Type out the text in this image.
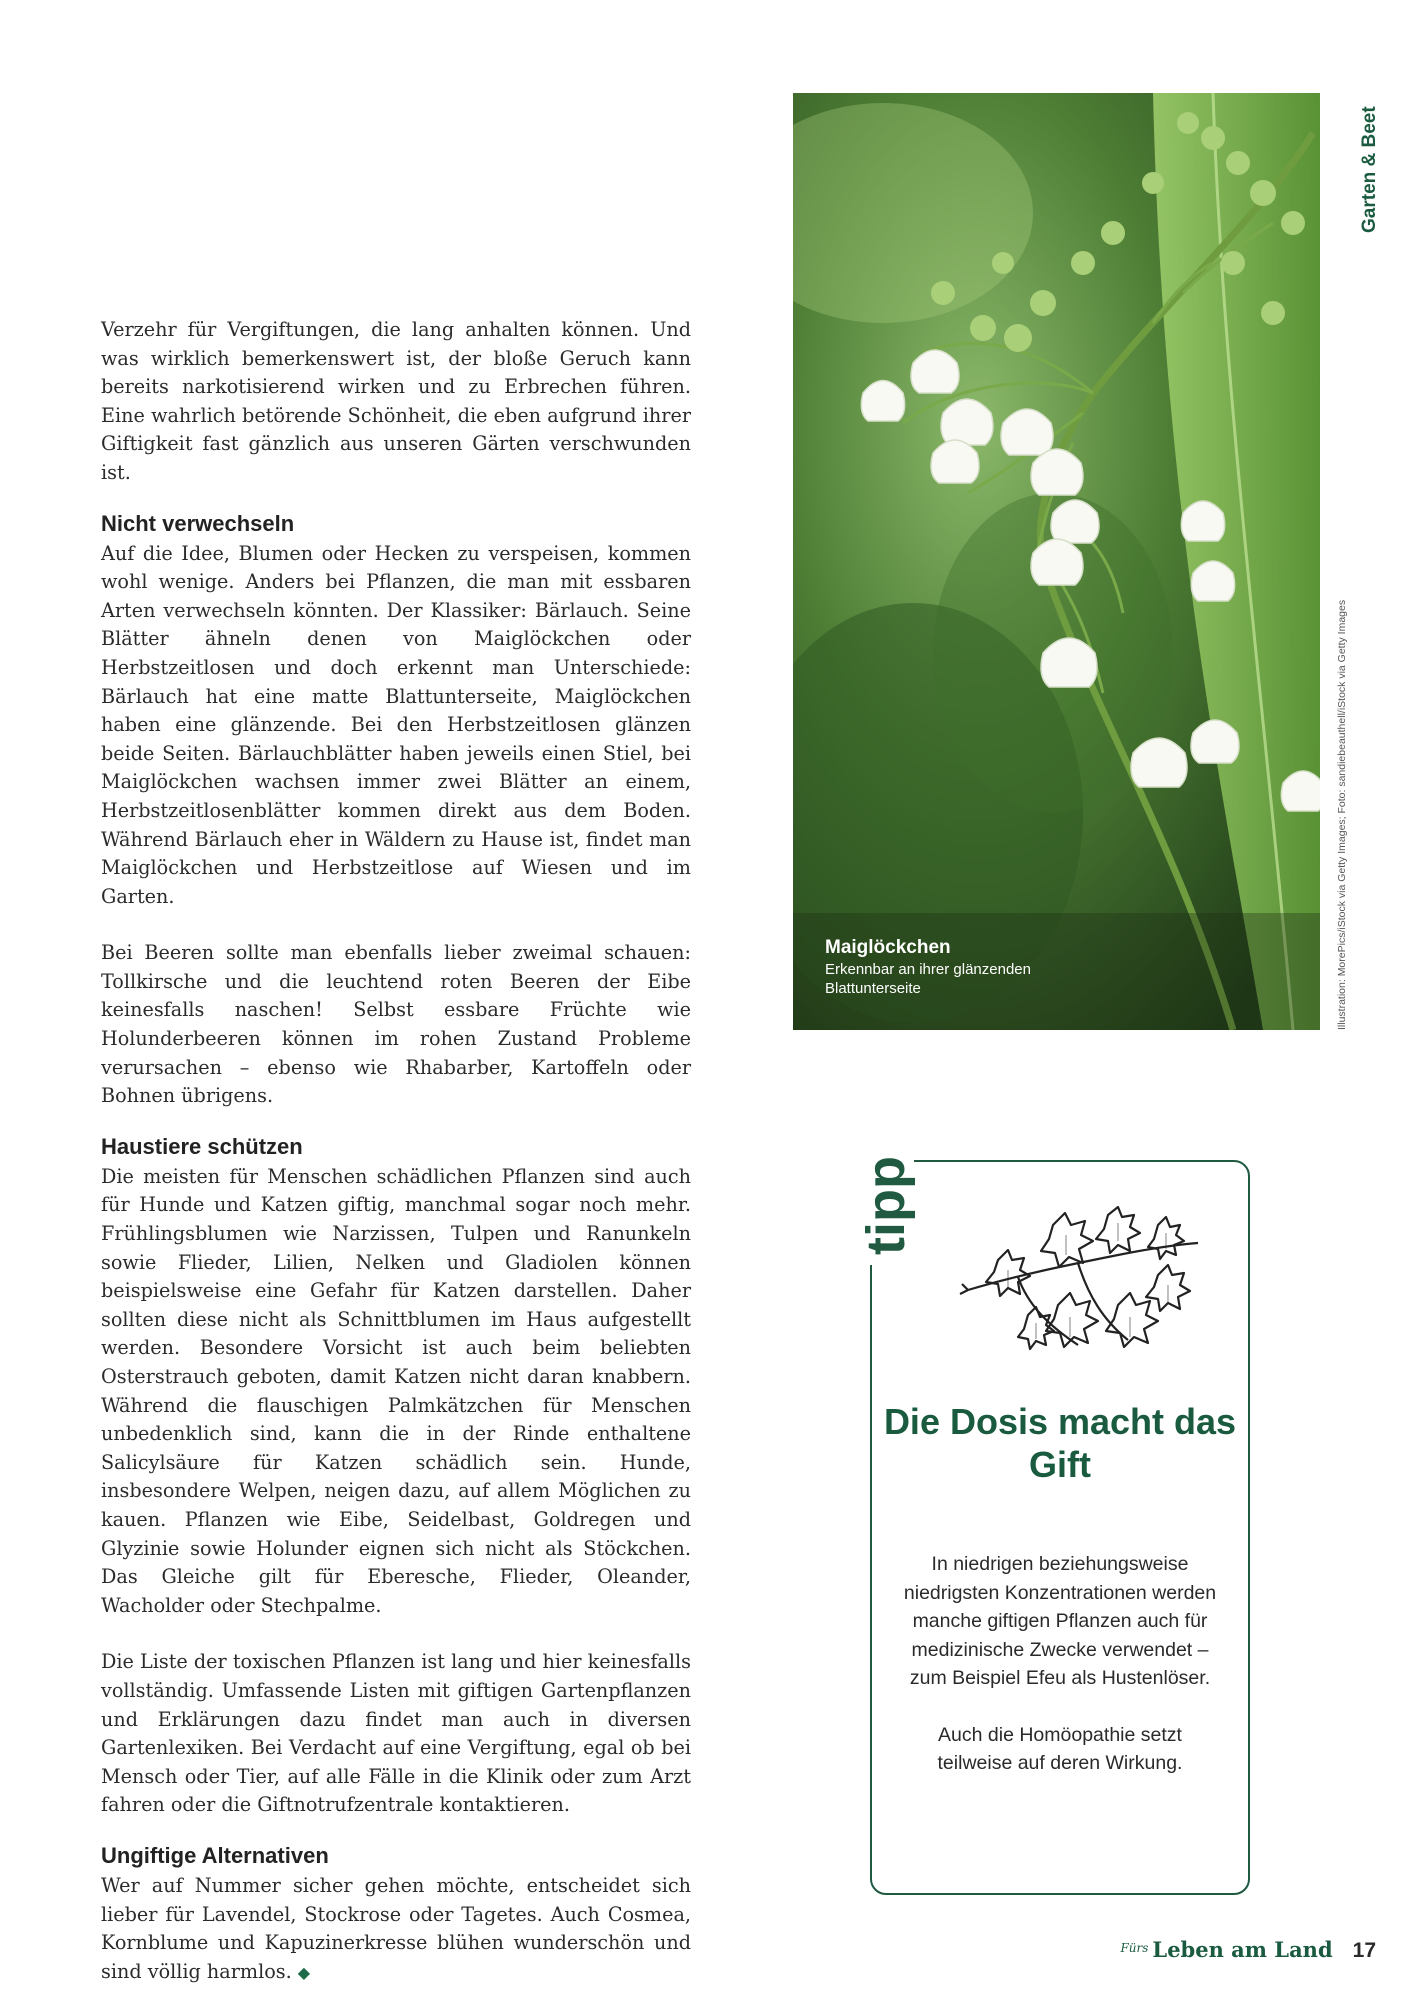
Garten & Beet

Verzehr für Vergiftungen, die lang anhalten können. Und was wirklich bemerkenswert ist, der bloße Geruch kann bereits narkotisierend wirken und zu Erbrechen führen. Eine wahrlich betörende Schönheit, die eben aufgrund ihrer Giftigkeit fast gänzlich aus unseren Gärten verschwunden ist.

Nicht verwechseln

Auf die Idee, Blumen oder Hecken zu verspeisen, kommen wohl wenige. Anders bei Pflanzen, die man mit essbaren Arten verwechseln könnten. Der Klassiker: Bärlauch. Seine Blätter ähneln denen von Maiglöckchen oder Herbstzeitlosen und doch erkennt man Unterschiede: Bärlauch hat eine matte Blattunterseite, Maiglöckchen haben eine glänzende. Bei den Herbstzeitlosen glänzen beide Seiten. Bärlauchblätter haben jeweils einen Stiel, bei Maiglöckchen wachsen immer zwei Blätter an einem, Herbstzeitlosenblätter kommen direkt aus dem Boden. Während Bärlauch eher in Wäldern zu Hause ist, findet man Maiglöckchen und Herbstzeitlose auf Wiesen und im Garten.

Bei Beeren sollte man ebenfalls lieber zweimal schauen: Tollkirsche und die leuchtend roten Beeren der Eibe keinesfalls naschen! Selbst essbare Früchte wie Holunderbeeren können im rohen Zustand Probleme verursachen – ebenso wie Rhabarber, Kartoffeln oder Bohnen übrigens.

Haustiere schützen

Die meisten für Menschen schädlichen Pflanzen sind auch für Hunde und Katzen giftig, manchmal sogar noch mehr. Frühlingsblumen wie Narzissen, Tulpen und Ranunkeln sowie Flieder, Lilien, Nelken und Gladiolen können beispielsweise eine Gefahr für Katzen darstellen. Daher sollten diese nicht als Schnittblumen im Haus aufgestellt werden. Besondere Vorsicht ist auch beim beliebten Osterstrauch geboten, damit Katzen nicht daran knabbern. Während die flauschigen Palmkätzchen für Menschen unbedenklich sind, kann die in der Rinde enthaltene Salicylsäure für Katzen schädlich sein. Hunde, insbesondere Welpen, neigen dazu, auf allem Möglichen zu kauen. Pflanzen wie Eibe, Seidelbast, Goldregen und Glyzinie sowie Holunder eignen sich nicht als Stöckchen. Das Gleiche gilt für Eberesche, Flieder, Oleander, Wacholder oder Stechpalme.

Die Liste der toxischen Pflanzen ist lang und hier keinesfalls vollständig. Umfassende Listen mit giftigen Gartenpflanzen und Erklärungen dazu findet man auch in diversen Gartenlexiken. Bei Verdacht auf eine Vergiftung, egal ob bei Mensch oder Tier, auf alle Fälle in die Klinik oder zum Arzt fahren oder die Giftnotrufzentrale kontaktieren.

Ungiftige Alternativen

Wer auf Nummer sicher gehen möchte, entscheidet sich lieber für Lavendel, Stockrose oder Tagetes. Auch Cosmea, Kornblume und Kapuzinerkresse blühen wunderschön und sind völlig harmlos. ◆

Maiglöckchen
Erkennbar an ihrer glänzenden Blattunterseite	Illustration: MorePics/iStock via Getty Images; Foto: sandiebeauthell/iStock via Getty Images
tipp
Die Dosis macht das Gift

In niedrigen beziehungsweise niedrigsten Konzentrationen werden manche giftigen Pflanzen auch für medizinische Zwecke verwendet – zum Beispiel Efeu als Hustenlöser.

Auch die Homöopathie setzt teilweise auf deren Wirkung.

$^{Fürs}$ Leben am Land 17
